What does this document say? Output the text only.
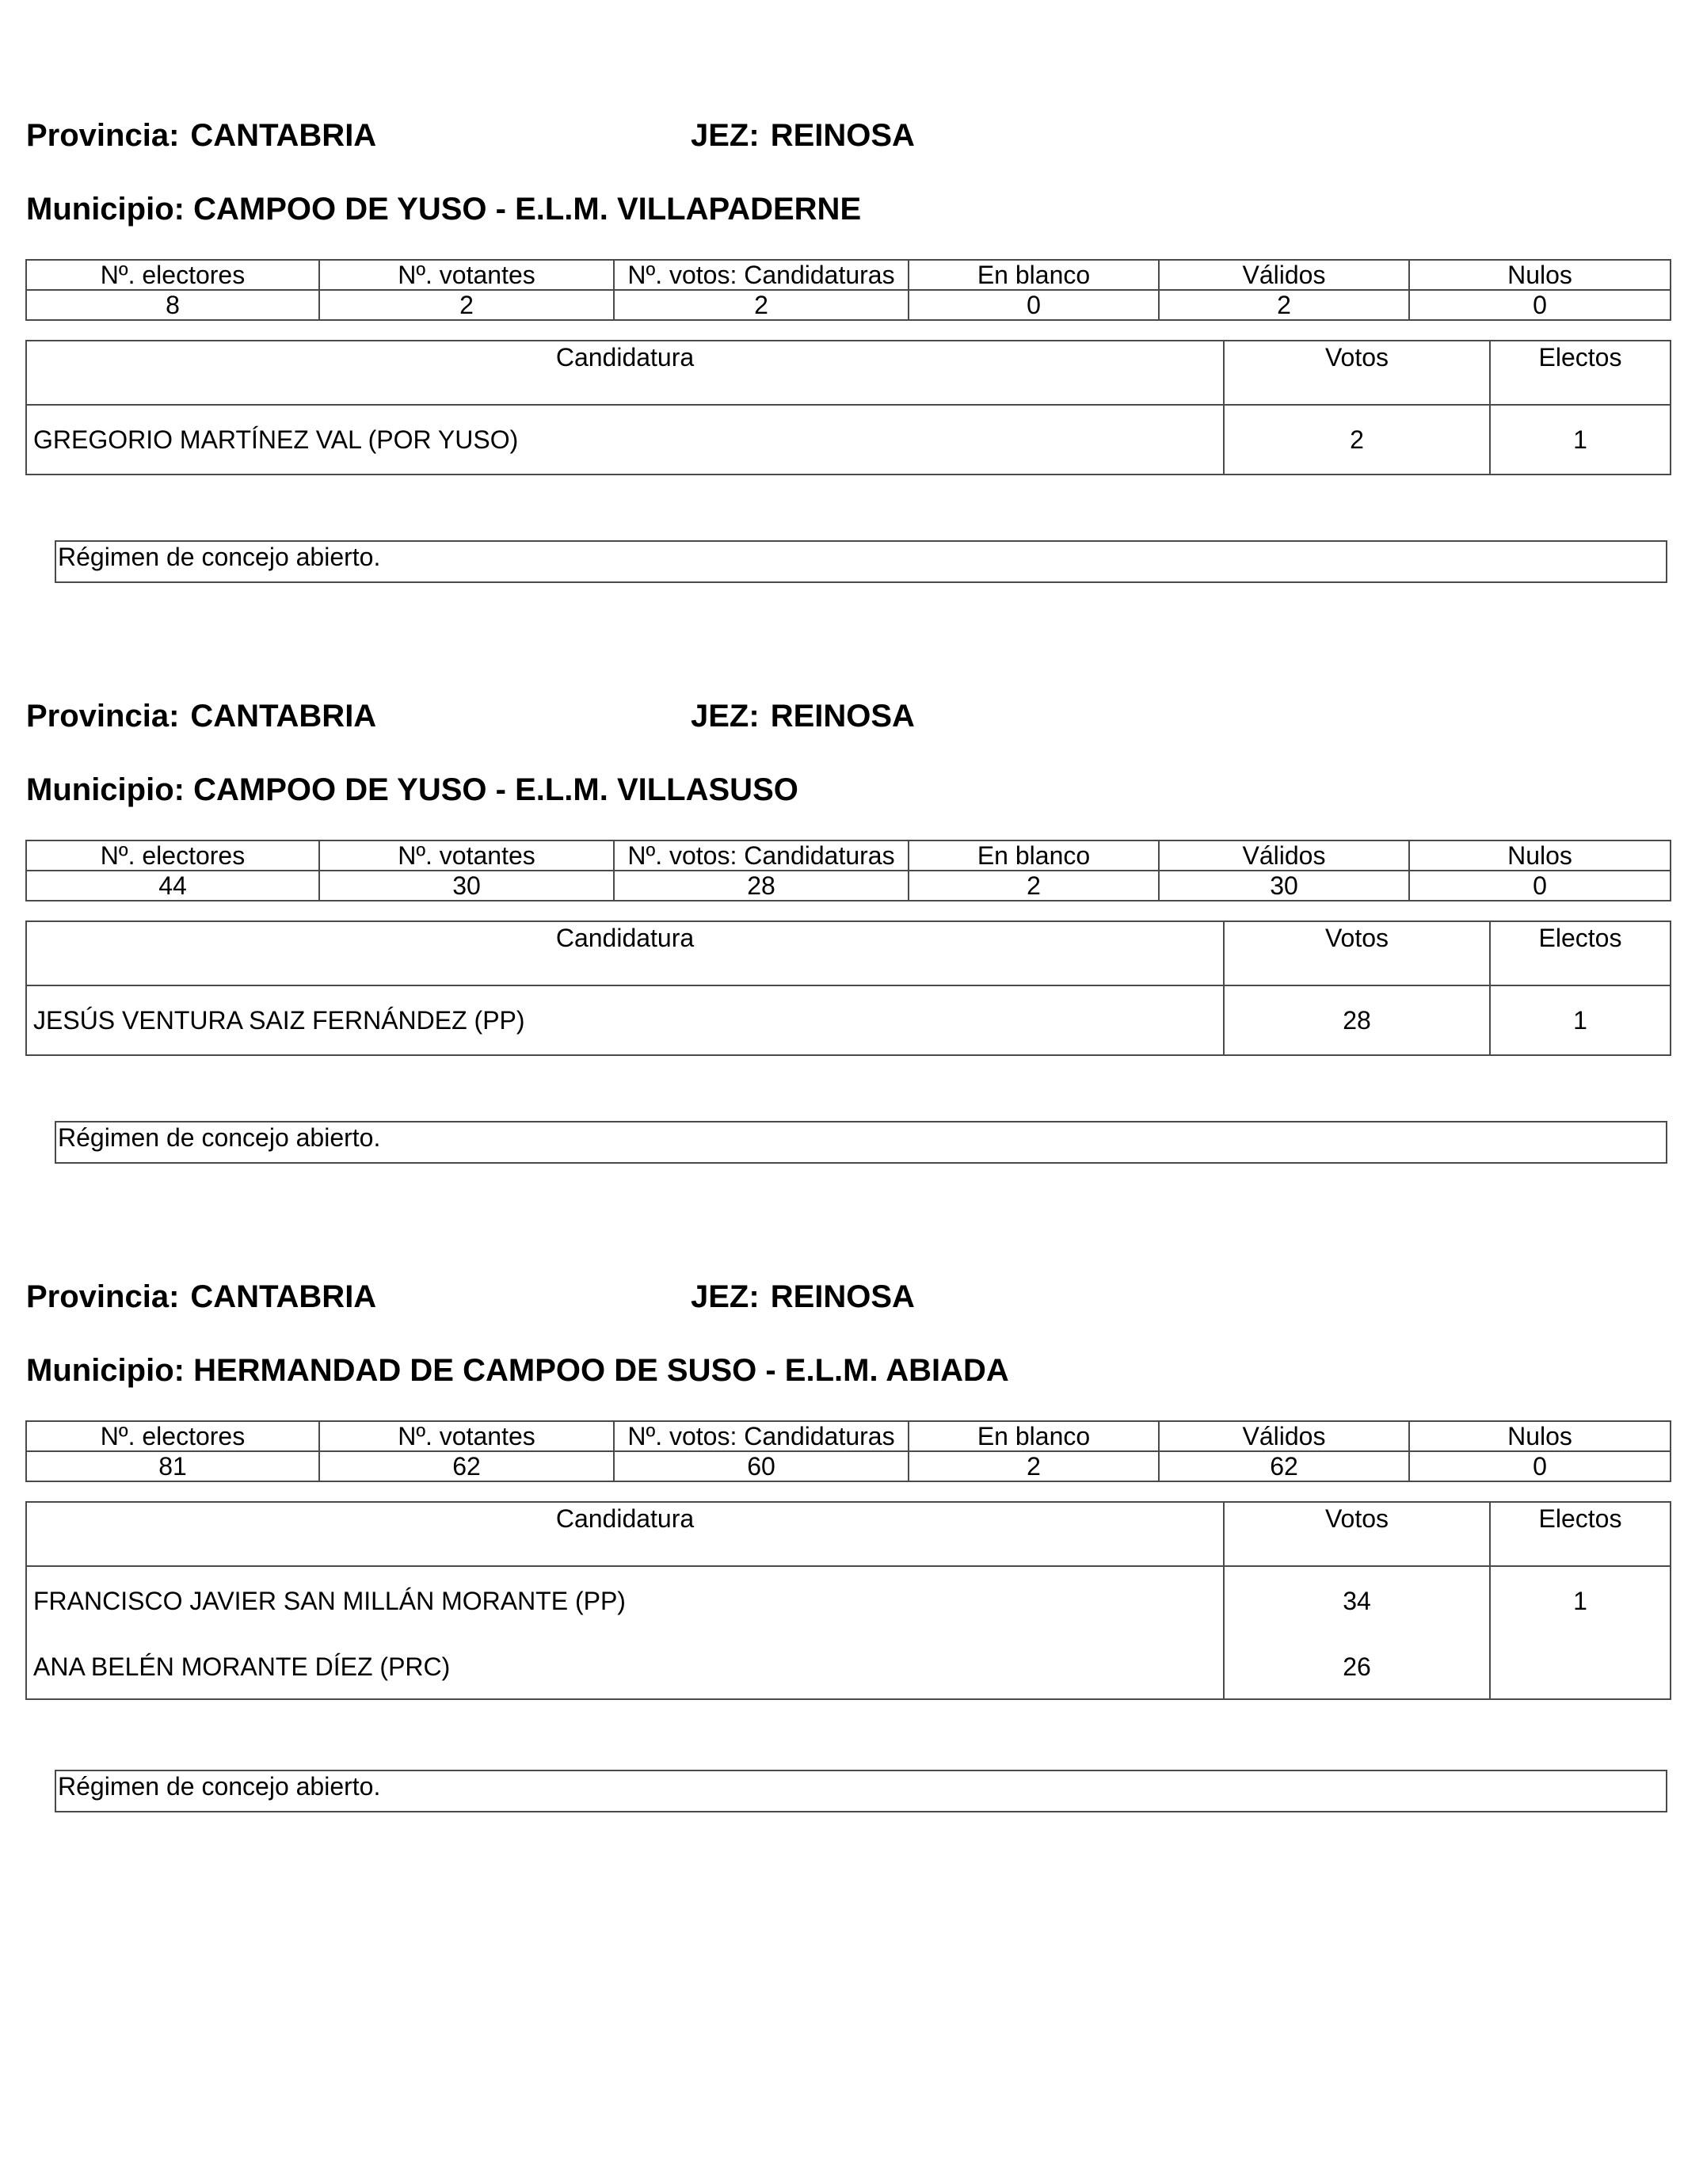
Provincia: CANTABRIA	JEZ: REINOSA
Municipio: CAMPOO DE YUSO - E.L.M. VILLAPADERNE
Nº. electores	Nº. votantes	Nº. votos: Candidaturas	En blanco	Válidos	Nulos
8	2	2	0	2	0
Candidatura	Votos	Electos
GREGORIO MARTÍNEZ VAL (POR YUSO)	2	1
Régimen de concejo abierto.
Provincia: CANTABRIA	JEZ: REINOSA
Municipio: CAMPOO DE YUSO - E.L.M. VILLASUSO
Nº. electores	Nº. votantes	Nº. votos: Candidaturas	En blanco	Válidos	Nulos
44	30	28	2	30	0
Candidatura	Votos	Electos
JESÚS VENTURA SAIZ FERNÁNDEZ (PP)	28	1
Régimen de concejo abierto.
Provincia: CANTABRIA	JEZ: REINOSA
Municipio: HERMANDAD DE CAMPOO DE SUSO - E.L.M. ABIADA
Nº. electores	Nº. votantes	Nº. votos: Candidaturas	En blanco	Válidos	Nulos
81	62	60	2	62	0
Candidatura	Votos	Electos
FRANCISCO JAVIER SAN MILLÁN MORANTE (PP)	34	1
ANA BELÉN MORANTE DÍEZ (PRC)	26	
Régimen de concejo abierto.
